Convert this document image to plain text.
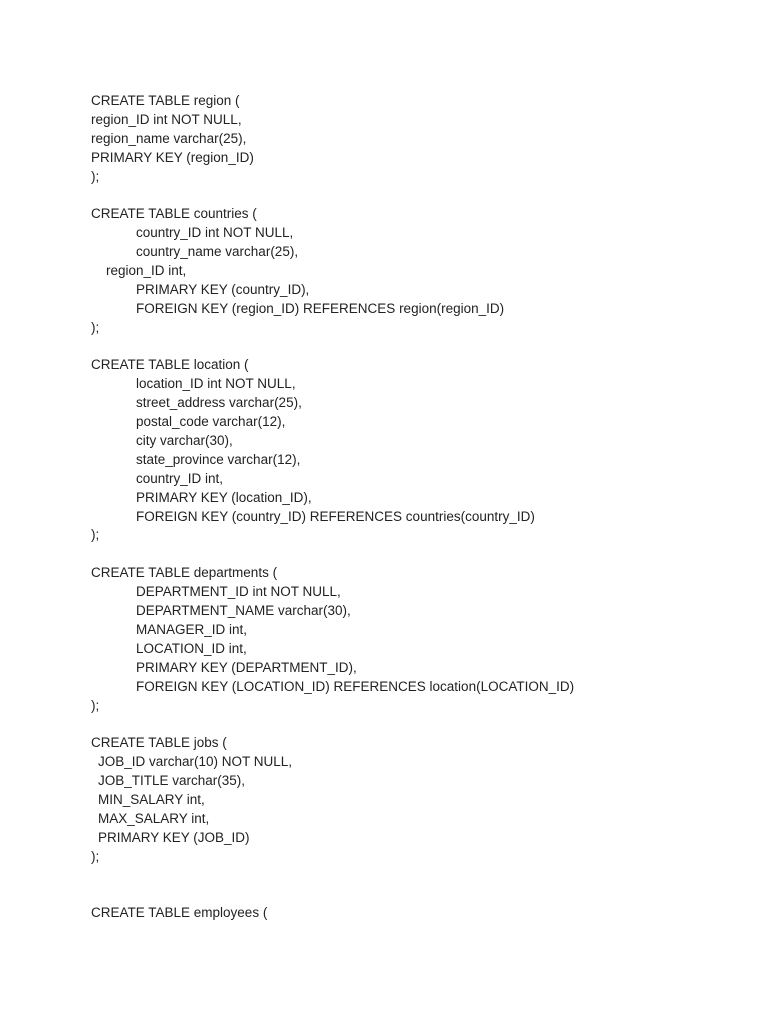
CREATE TABLE region (
region_ID int NOT NULL,
region_name varchar(25),
PRIMARY KEY (region_ID)
);
CREATE TABLE countries (
country_ID int NOT NULL,
country_name varchar(25),
region_ID int,
PRIMARY KEY (country_ID),
FOREIGN KEY (region_ID) REFERENCES region(region_ID)
);
CREATE TABLE location (
location_ID int NOT NULL,
street_address varchar(25),
postal_code varchar(12),
city varchar(30),
state_province varchar(12),
country_ID int,
PRIMARY KEY (location_ID),
FOREIGN KEY (country_ID) REFERENCES countries(country_ID)
);
CREATE TABLE departments (
DEPARTMENT_ID int NOT NULL,
DEPARTMENT_NAME varchar(30),
MANAGER_ID int,
LOCATION_ID int,
PRIMARY KEY (DEPARTMENT_ID),
FOREIGN KEY (LOCATION_ID) REFERENCES location(LOCATION_ID)
);
CREATE TABLE jobs (
JOB_ID varchar(10) NOT NULL,
JOB_TITLE varchar(35),
MIN_SALARY int,
MAX_SALARY int,
PRIMARY KEY (JOB_ID)
);
CREATE TABLE employees (
